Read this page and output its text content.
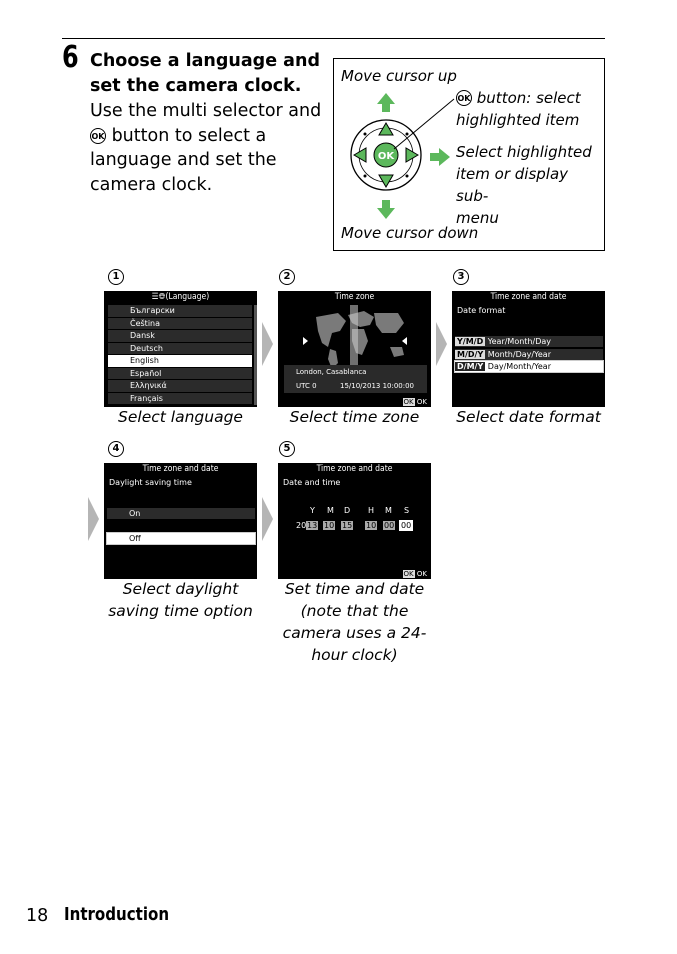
6 Choose a language and
set the camera clock.
Use the multi selector and
OK button to select a
language and set the
camera clock.
Move cursor up
OK
OK button: select
highlighted item
Select highlighted
item or display sub-
menu
Move cursor down
1	2	3
4	5
☰🌐︎(Language)
Български
Čeština
Dansk
Deutsch
English
Español
Ελληνικά
Français
Select language
Time zone
London, Casablanca
UTC 0	15/10/2013 10:00:00
OK OK
Select time zone
Time zone and date
Date format
Y/M/D Year/Month/Day
M/D/Y Month/Day/Year
D/M/Y Day/Month/Year
Select date format
Time zone and date
Daylight saving time
On
Off
Select daylight
saving time option
Time zone and date
Date and time
Y M D H M S
20 13 10 15 10 00 00
OK OK
Set time and date
(note that the
camera uses a 24-
hour clock)
18 Introduction
